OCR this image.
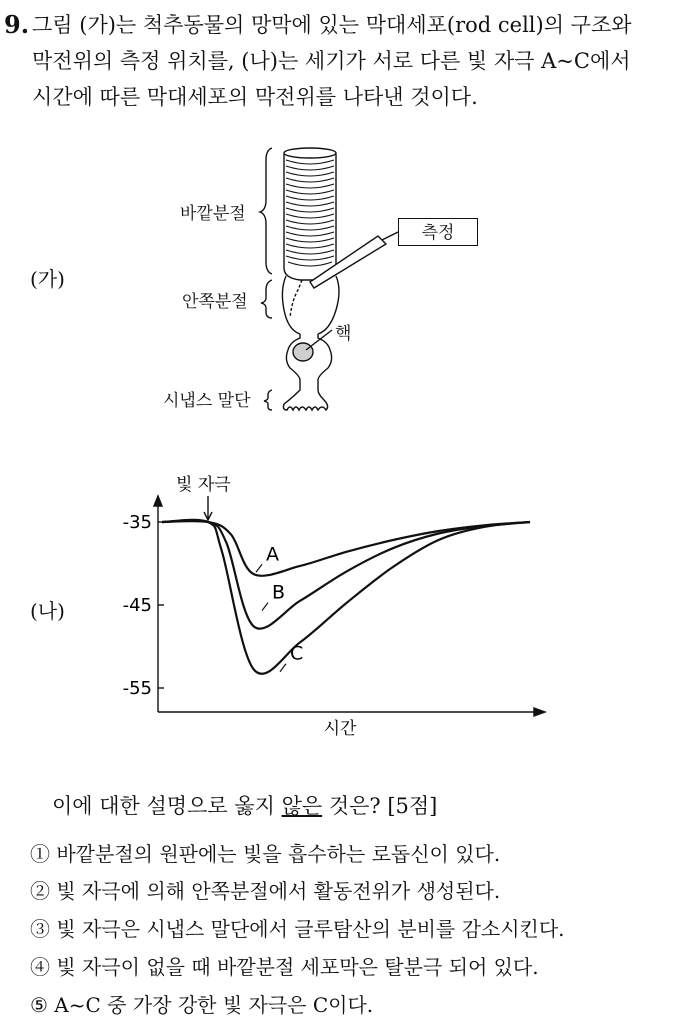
9. 그림 (가)는 척추동물의 망막에 있는 막대세포(rod cell)의 구조와
막전위의 측정 위치를, (나)는 세기가 서로 다른 빛 자극 A~C에서
시간에 따른 막대세포의 막전위를 나타낸 것이다.
(가)
바깥분절
안쪽분절
핵
시냅스 말단
측정
(나)
시간
빛 자극
-35
-45
-55
A
B
C
이에 대한 설명으로 옳지 않은 것은? [5점]
① 바깥분절의 원판에는 빛을 흡수하는 로돕신이 있다.
② 빛 자극에 의해 안쪽분절에서 활동전위가 생성된다.
③ 빛 자극은 시냅스 말단에서 글루탐산의 분비를 감소시킨다.
④ 빛 자극이 없을 때 바깥분절 세포막은 탈분극 되어 있다.
⑤ A~C 중 가장 강한 빛 자극은 C이다.
